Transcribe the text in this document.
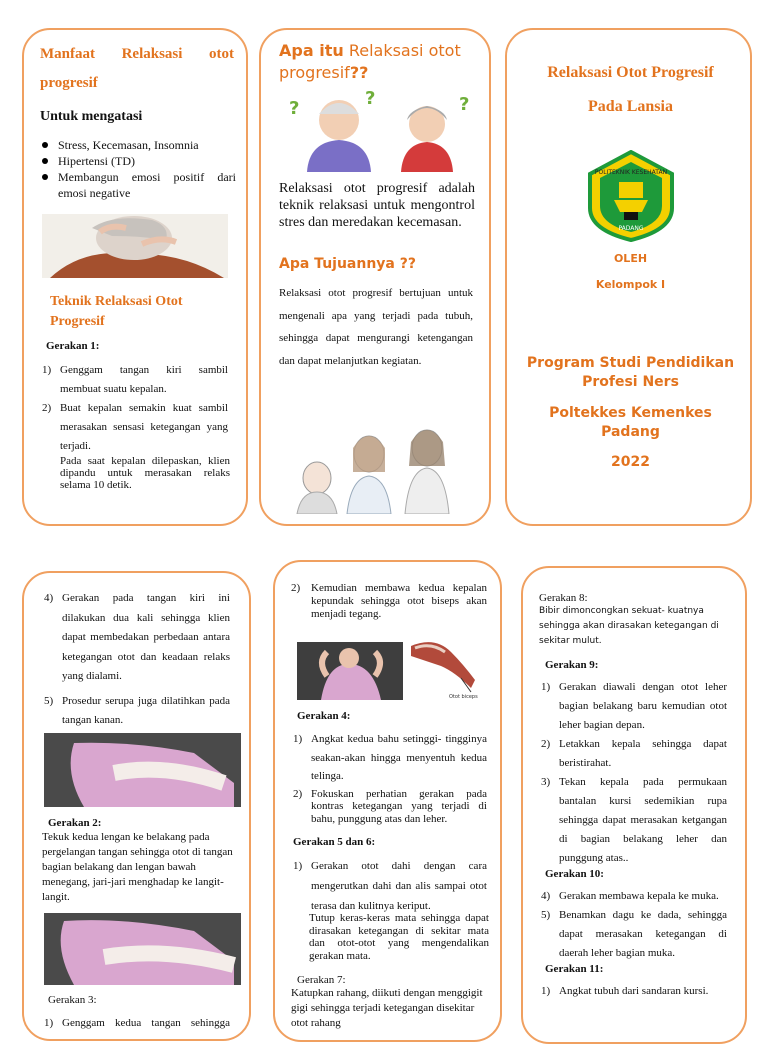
Manfaat Relaksasi otot progresif
Untuk mengatasi
Stress, Kecemasan, Insomnia
Hipertensi (TD)
Membangun emosi positif dari emosi negative
Teknik Relaksasi Otot Progresif
Gerakan 1:
1) Genggam tangan kiri sambil membuat suatu kepalan.
2) Buat kepalan semakin kuat sambil merasakan sensasi ketegangan yang terjadi.
Pada saat kepalan dilepaskan, klien dipandu untuk merasakan relaks selama 10 detik.
Apa itu Relaksasi otot progresif??
?	?	?
Relaksasi otot progresif adalah teknik relaksasi untuk mengontrol stres dan meredakan kecemasan.
Apa Tujuannya ??
Relaksasi otot progresif bertujuan untuk mengenali apa yang terjadi pada tubuh, sehingga dapat mengurangi ketengangan dan dapat melanjutkan kegiatan.
Relaksasi Otot Progresif
Pada Lansia
POLITEKNIK KESEHATAN
PADANG
OLEH
Kelompok I
Program Studi Pendidikan Profesi Ners
Poltekkes Kemenkes Padang
2022
4) Gerakan pada tangan kiri ini dilakukan dua kali sehingga klien dapat membedakan perbedaan antara ketegangan otot dan keadaan relaks yang dialami.
5) Prosedur serupa juga dilatihkan pada tangan kanan.
Gerakan 2:
Tekuk kedua lengan ke belakang pada pergelangan tangan sehingga otot di tangan bagian belakang dan lengan bawah menegang, jari-jari menghadap ke langit-langit.
Gerakan 3:
1) Genggam kedua tangan sehingga
2) Kemudian membawa kedua kepalan kepundak sehingga otot biseps akan menjadi tegang.
Otot biceps
Gerakan 4:
1) Angkat kedua bahu setinggi- tingginya seakan-akan hingga menyentuh kedua telinga.
2) Fokuskan perhatian gerakan pada kontras ketegangan yang terjadi di bahu, punggung atas dan leher.
Gerakan 5 dan 6:
1) Gerakan otot dahi dengan cara mengerutkan dahi dan alis sampai otot terasa dan kulitnya keriput.
Tutup keras-keras mata sehingga dapat dirasakan ketegangan di sekitar mata dan otot-otot yang mengendalikan gerakan mata.
Gerakan 7:
Katupkan rahang, diikuti dengan menggigit gigi sehingga terjadi ketegangan disekitar otot rahang
Gerakan 8:
Bibir dimoncongkan sekuat- kuatnya sehingga akan dirasakan ketegangan di sekitar mulut.
Gerakan 9:
1) Gerakan diawali dengan otot leher bagian belakang baru kemudian otot leher bagian depan.
2) Letakkan kepala sehingga dapat beristirahat.
3) Tekan kepala pada permukaan bantalan kursi sedemikian rupa sehingga dapat merasakan ketgangan di bagian belakang leher dan punggung atas..
Gerakan 10:
4) Gerakan membawa kepala ke muka.
5) Benamkan dagu ke dada, sehingga dapat merasakan ketegangan di daerah leher bagian muka.
Gerakan 11:
1) Angkat tubuh dari sandaran kursi.
